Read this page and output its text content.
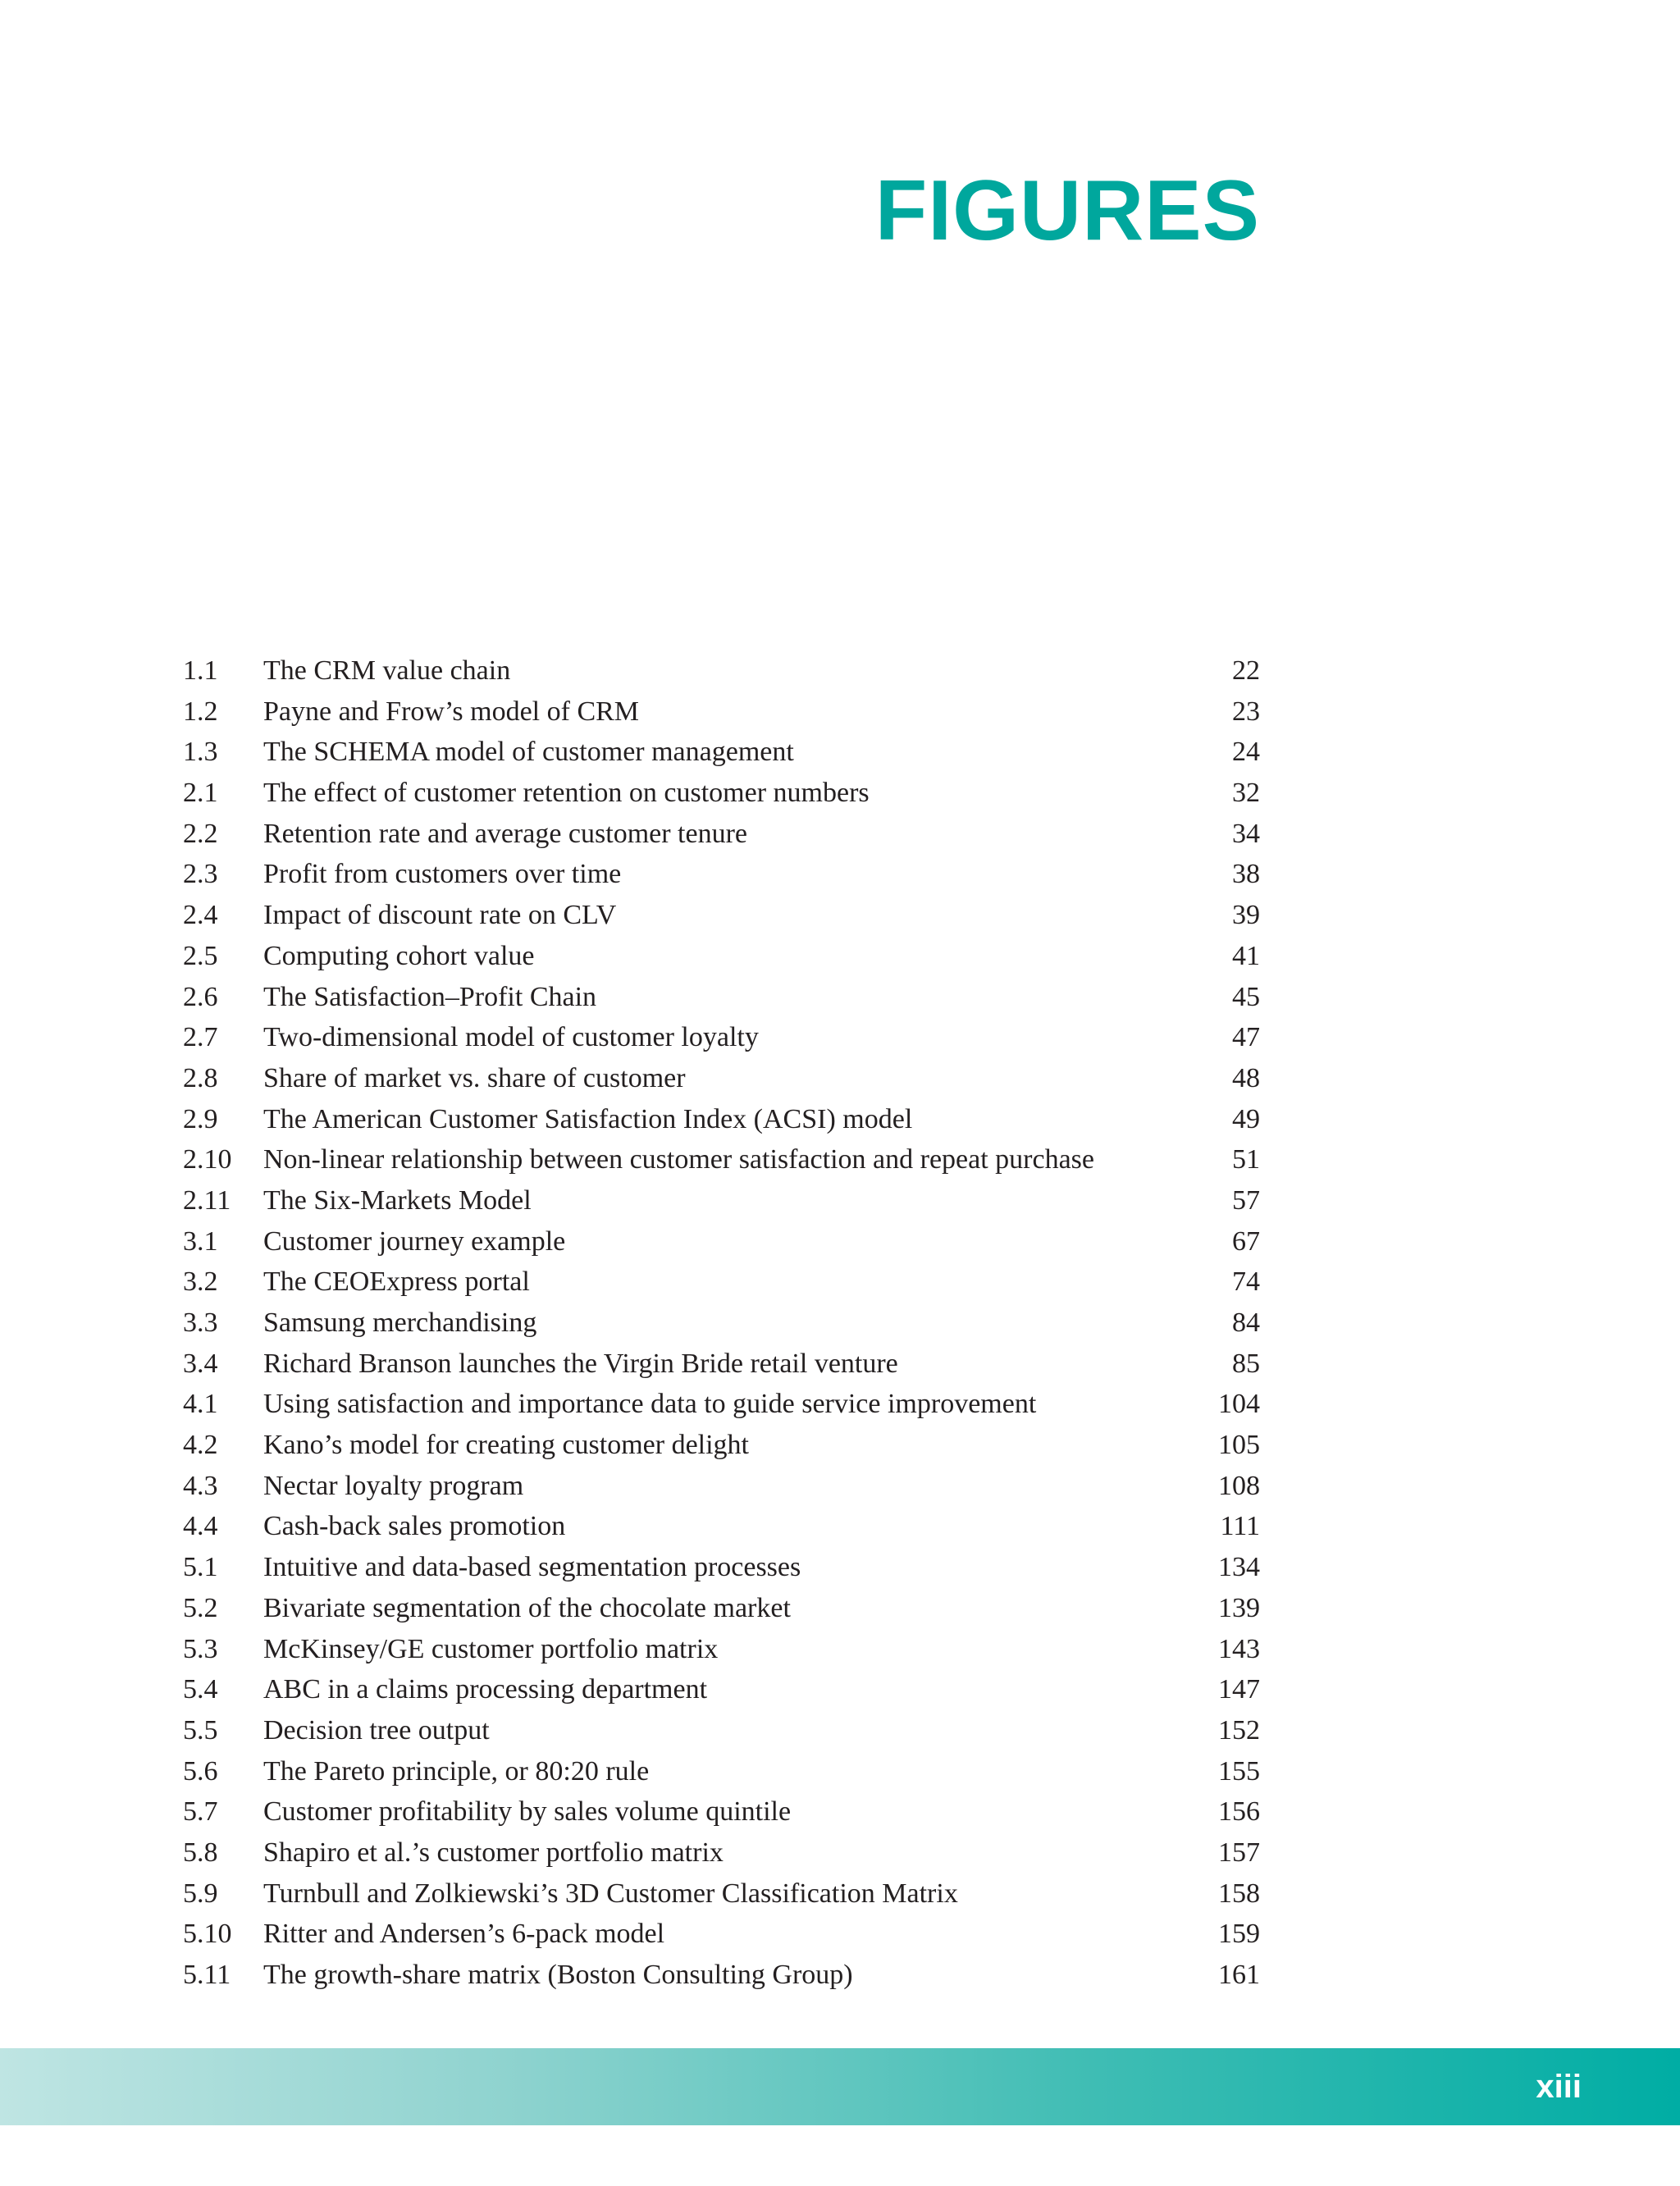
FIGURES
1.1	The CRM value chain	22
1.2	Payne and Frow’s model of CRM	23
1.3	The SCHEMA model of customer management	24
2.1	The effect of customer retention on customer numbers	32
2.2	Retention rate and average customer tenure	34
2.3	Profit from customers over time	38
2.4	Impact of discount rate on CLV	39
2.5	Computing cohort value	41
2.6	The Satisfaction–Profit Chain	45
2.7	Two-dimensional model of customer loyalty	47
2.8	Share of market vs. share of customer	48
2.9	The American Customer Satisfaction Index (ACSI) model	49
2.10	Non-linear relationship between customer satisfaction and repeat purchase	51
2.11	The Six-Markets Model	57
3.1	Customer journey example	67
3.2	The CEOExpress portal	74
3.3	Samsung merchandising	84
3.4	Richard Branson launches the Virgin Bride retail venture	85
4.1	Using satisfaction and importance data to guide service improvement	104
4.2	Kano’s model for creating customer delight	105
4.3	Nectar loyalty program	108
4.4	Cash-back sales promotion	111
5.1	Intuitive and data-based segmentation processes	134
5.2	Bivariate segmentation of the chocolate market	139
5.3	McKinsey/GE customer portfolio matrix	143
5.4	ABC in a claims processing department	147
5.5	Decision tree output	152
5.6	The Pareto principle, or 80:20 rule	155
5.7	Customer profitability by sales volume quintile	156
5.8	Shapiro et al.’s customer portfolio matrix	157
5.9	Turnbull and Zolkiewski’s 3D Customer Classification Matrix	158
5.10	Ritter and Andersen’s 6-pack model	159
5.11	The growth-share matrix (Boston Consulting Group)	161
xiii
